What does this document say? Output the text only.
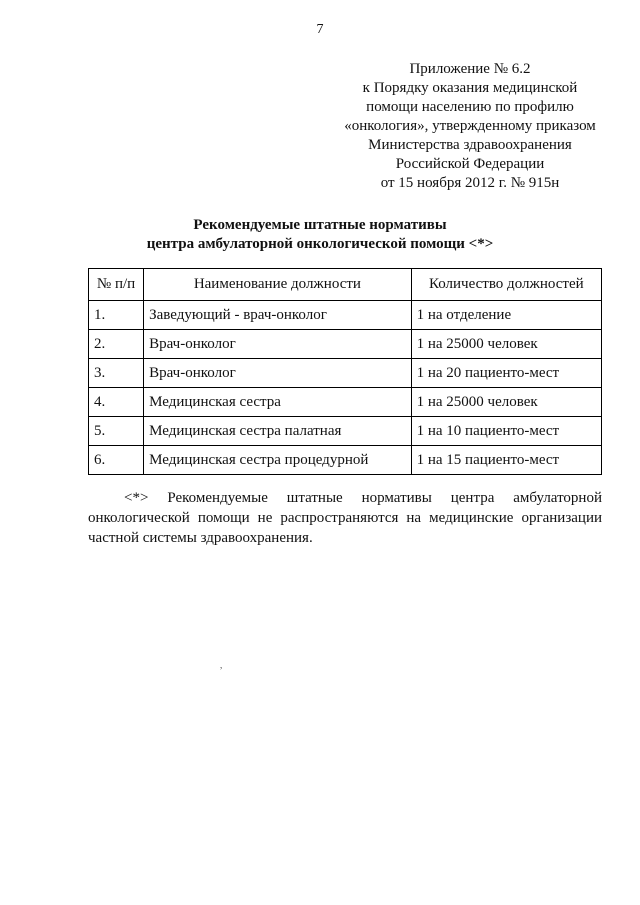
7
Приложение № 6.2
к Порядку оказания медицинской
помощи населению по профилю
«онкология», утвержденному приказом
Министерства здравоохранения
Российской Федерации
от 15 ноября 2012 г. № 915н
Рекомендуемые штатные нормативы
центра амбулаторной онкологической помощи <*>
№ п/п	Наименование должности	Количество должностей
1.	Заведующий - врач-онколог	1 на отделение
2.	Врач-онколог	1 на 25000 человек
3.	Врач-онколог	1 на 20 пациенто-мест
4.	Медицинская сестра	1 на 25000 человек
5.	Медицинская сестра палатная	1 на 10 пациенто-мест
6.	Медицинская сестра процедурной	1 на 15 пациенто-мест
<*> Рекомендуемые штатные нормативы центра амбулаторной онкологической помощи не распространяются на медицинские организации частной системы здравоохранения.
,
